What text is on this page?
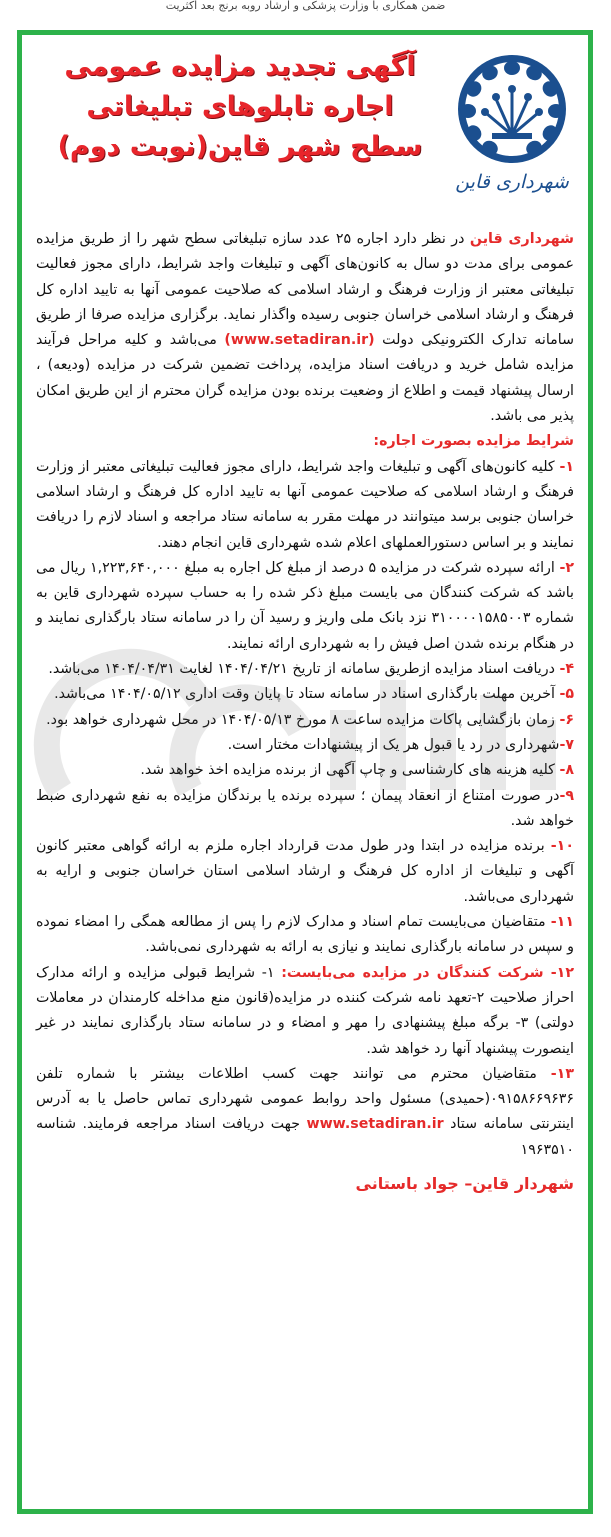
ضمن همکاری با وزارت پزشکی و ارشاد روبه برنج بعد اکثریت
شهرداری قاین
آگهی تجدید مزایده عمومی
اجاره تابلوهای تبلیغاتی
سطح شهر قاین(نوبت دوم)

شهرداری قاین در نظر دارد اجاره ۲۵ عدد سازه تبلیغاتی سطح شهر را از طریق مزایده عمومی برای مدت دو سال به کانون‌های آگهی و تبلیغات واجد شرایط، دارای مجوز فعالیت تبلیغاتی معتبر از وزارت فرهنگ و ارشاد اسلامی که صلاحیت عمومی آنها به تایید اداره کل فرهنگ و ارشاد اسلامی خراسان جنوبی رسیده واگذار نماید. برگزاری مزایده صرفا از طریق سامانه تدارک الکترونیکی دولت (www.setadiran.ir) می‌باشد و کلیه مراحل فرآیند مزایده شامل خرید و دریافت اسناد مزایده، پرداخت تضمین شرکت در مزایده (ودیعه) ، ارسال پیشنهاد قیمت و اطلاع از وضعیت برنده بودن مزایده گران محترم از این طریق امکان پذیر می باشد.

شرایط مزایده بصورت اجاره:

۱- کلیه کانون‌های آگهی و تبلیغات واجد شرایط، دارای مجوز فعالیت تبلیغاتی معتبر از وزارت فرهنگ و ارشاد اسلامی که صلاحیت عمومی آنها به تایید اداره کل فرهنگ و ارشاد اسلامی خراسان جنوبی برسد میتوانند در مهلت مقرر به سامانه ستاد مراجعه و اسناد لازم را دریافت نمایند و بر اساس دستورالعملهای اعلام شده شهرداری قاین انجام دهند.

۲- ارائه سپرده شرکت در مزایده ۵ درصد از مبلغ کل اجاره به مبلغ ۱,۲۲۳,۶۴۰,۰۰۰ ریال می باشد که شرکت کنندگان می بایست مبلغ ذکر شده را به حساب سپرده شهرداری قاین به شماره ۳۱۰۰۰۰۱۵۸۵۰۰۳ نزد بانک ملی واریز و رسید آن را در سامانه ستاد بارگذاری نمایند و در هنگام برنده شدن اصل فیش را به شهرداری ارائه نمایند.

۴- دریافت اسناد مزایده ازطریق سامانه از تاریخ ۱۴۰۴/۰۴/۲۱ لغایت ۱۴۰۴/۰۴/۳۱ می‌باشد.

۵- آخرین مهلت بارگذاری اسناد در سامانه ستاد تا پایان وقت اداری ۱۴۰۴/۰۵/۱۲ می‌باشد.

۶- زمان بازگشایی پاکات مزایده ساعت ۸ مورخ ۱۴۰۴/۰۵/۱۳ در محل شهرداری خواهد بود.

۷-شهرداری در رد یا قبول هر یک از پیشنهادات مختار است.

۸- کلیه هزینه های کارشناسی و چاپ آگهی از برنده مزایده اخذ خواهد شد.

۹-در صورت امتناع از انعقاد پیمان ؛ سپرده برنده یا برندگان مزایده به نفع شهرداری ضبط خواهد شد.

۱۰- برنده مزایده در ابتدا ودر طول مدت قرارداد اجاره ملزم به ارائه گواهی معتبر کانون آگهی و تبلیغات از اداره کل فرهنگ و ارشاد اسلامی استان خراسان جنوبی و ارایه به شهرداری می‌باشد.

۱۱- متقاضیان می‌بایست تمام اسناد و مدارک لازم را پس از مطالعه همگی را امضاء نموده و سپس در سامانه بارگذاری نمایند و نیازی به ارائه به شهرداری نمی‌باشد.

۱۲- شرکت کنندگان در مزایده می‌بایست: ۱- شرایط قبولی مزایده و ارائه مدارک احراز صلاحیت ۲-تعهد نامه شرکت کننده در مزایده(قانون منع مداخله کارمندان در معاملات دولتی) ۳- برگه مبلغ پیشنهادی را مهر و امضاء و در سامانه ستاد بارگذاری نمایند در غیر اینصورت پیشنهاد آنها رد خواهد شد.

۱۳- متقاضیان محترم می توانند جهت کسب اطلاعات بیشتر با شماره تلفن ۰۹۱۵۸۶۶۹۶۳۶(حمیدی) مسئول واحد روابط عمومی شهرداری تماس حاصل یا به آدرس اینترنتی سامانه ستاد www.setadiran.ir جهت دریافت اسناد مراجعه فرمایند. شناسه ۱۹۶۳۵۱۰

شهردار قاین– جواد باستانی
